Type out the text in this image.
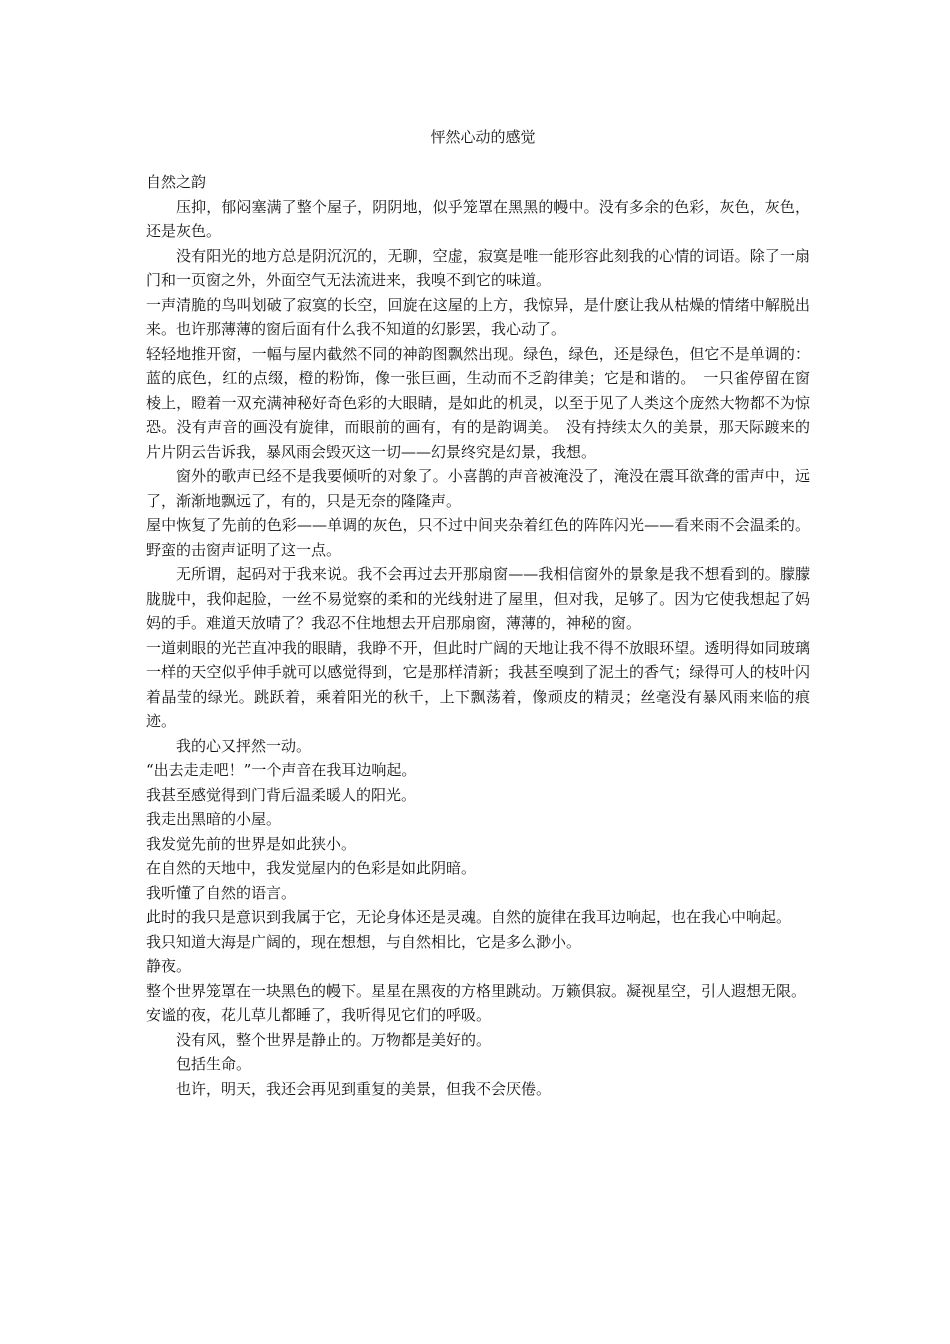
怦然心动的感觉
自然之韵

压抑，郁闷塞满了整个屋子，阴阴地，似乎笼罩在黑黑的幔中。没有多余的色彩，灰色，灰色，还是灰色。

没有阳光的地方总是阴沉沉的，无聊，空虚，寂寞是唯一能形容此刻我的心情的词语。除了一扇门和一页窗之外，外面空气无法流进来，我嗅不到它的味道。

一声清脆的鸟叫划破了寂寞的长空，回旋在这屋的上方，我惊异，是什麽让我从枯燥的情绪中解脱出来。也许那薄薄的窗后面有什么我不知道的幻影罢，我心动了。

轻轻地推开窗，一幅与屋内截然不同的神韵图飘然出现。绿色，绿色，还是绿色，但它不是单调的：蓝的底色，红的点缀，橙的粉饰，像一张巨画，生动而不乏韵律美；它是和谐的。　一只雀停留在窗棱上，瞪着一双充满神秘好奇色彩的大眼睛，是如此的机灵，以至于见了人类这个庞然大物都不为惊恐。没有声音的画没有旋律，而眼前的画有，有的是韵调美。　没有持续太久的美景，那天际踱来的片片阴云告诉我，暴风雨会毁灭这一切——幻景终究是幻景，我想。

窗外的歌声已经不是我要倾听的对象了。小喜鹊的声音被淹没了，淹没在震耳欲聋的雷声中，远了，渐渐地飘远了，有的，只是无奈的隆隆声。

屋中恢复了先前的色彩——单调的灰色，只不过中间夹杂着红色的阵阵闪光——看来雨不会温柔的。野蛮的击窗声证明了这一点。

无所谓，起码对于我来说。我不会再过去开那扇窗——我相信窗外的景象是我不想看到的。朦朦胧胧中，我仰起脸，一丝不易觉察的柔和的光线射进了屋里，但对我，足够了。因为它使我想起了妈妈的手。难道天放晴了？我忍不住地想去开启那扇窗，薄薄的，神秘的窗。

一道刺眼的光芒直冲我的眼睛，我睁不开，但此时广阔的天地让我不得不放眼环望。透明得如同玻璃一样的天空似乎伸手就可以感觉得到，它是那样清新；我甚至嗅到了泥土的香气；绿得可人的枝叶闪着晶莹的绿光。跳跃着，乘着阳光的秋千，上下飘荡着，像顽皮的精灵；丝毫没有暴风雨来临的痕迹。

我的心又抨然一动。

“出去走走吧！”一个声音在我耳边响起。

我甚至感觉得到门背后温柔暖人的阳光。

我走出黑暗的小屋。

我发觉先前的世界是如此狭小。

在自然的天地中，我发觉屋内的色彩是如此阴暗。

我听懂了自然的语言。

此时的我只是意识到我属于它，无论身体还是灵魂。自然的旋律在我耳边响起，也在我心中响起。

我只知道大海是广阔的，现在想想，与自然相比，它是多么渺小。

静夜。

整个世界笼罩在一块黑色的幔下。星星在黑夜的方格里跳动。万籁俱寂。凝视星空，引人遐想无限。

安谧的夜，花儿草儿都睡了，我听得见它们的呼吸。

没有风，整个世界是静止的。万物都是美好的。

包括生命。

也许，明天，我还会再见到重复的美景，但我不会厌倦。
